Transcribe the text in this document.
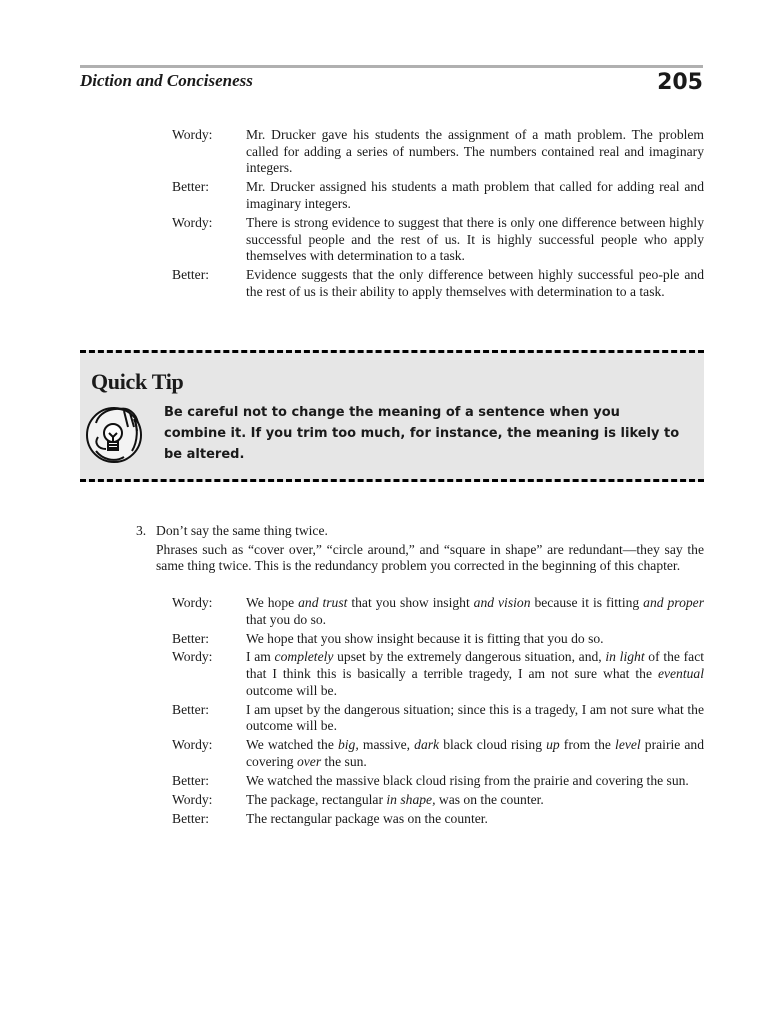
Diction and Conciseness	205
Wordy: Mr. Drucker gave his students the assignment of a math problem. The problem called for adding a series of numbers. The numbers contained real and imaginary integers.
Better:	Mr. Drucker assigned his students a math problem that called for adding real and imaginary integers.
Wordy: There is strong evidence to suggest that there is only one difference between highly successful people and the rest of us. It is highly successful people who apply themselves with determination to a task.
Better:	Evidence suggests that the only difference between highly successful peo-ple and the rest of us is their ability to apply themselves with determination to a task.
Quick Tip
Be careful not to change the meaning of a sentence when you combine it. If you trim too much, for instance, the meaning is likely to be altered.
3. Don’t say the same thing twice.
Phrases such as “cover over,” “circle around,” and “square in shape” are redundant—they say the same thing twice. This is the redundancy problem you corrected in the beginning of this chapter.
Wordy: We hope and trust that you show insight and vision because it is fitting and proper that you do so.
Better:	We hope that you show insight because it is fitting that you do so.
Wordy: I am completely upset by the extremely dangerous situation, and, in light of the fact that I think this is basically a terrible tragedy, I am not sure what the eventual outcome will be.
Better:	I am upset by the dangerous situation; since this is a tragedy, I am not sure what the outcome will be.
Wordy: We watched the big, massive, dark black cloud rising up from the level prairie and covering over the sun.
Better:	We watched the massive black cloud rising from the prairie and covering the sun.
Wordy: The package, rectangular in shape, was on the counter.
Better:	The rectangular package was on the counter.
